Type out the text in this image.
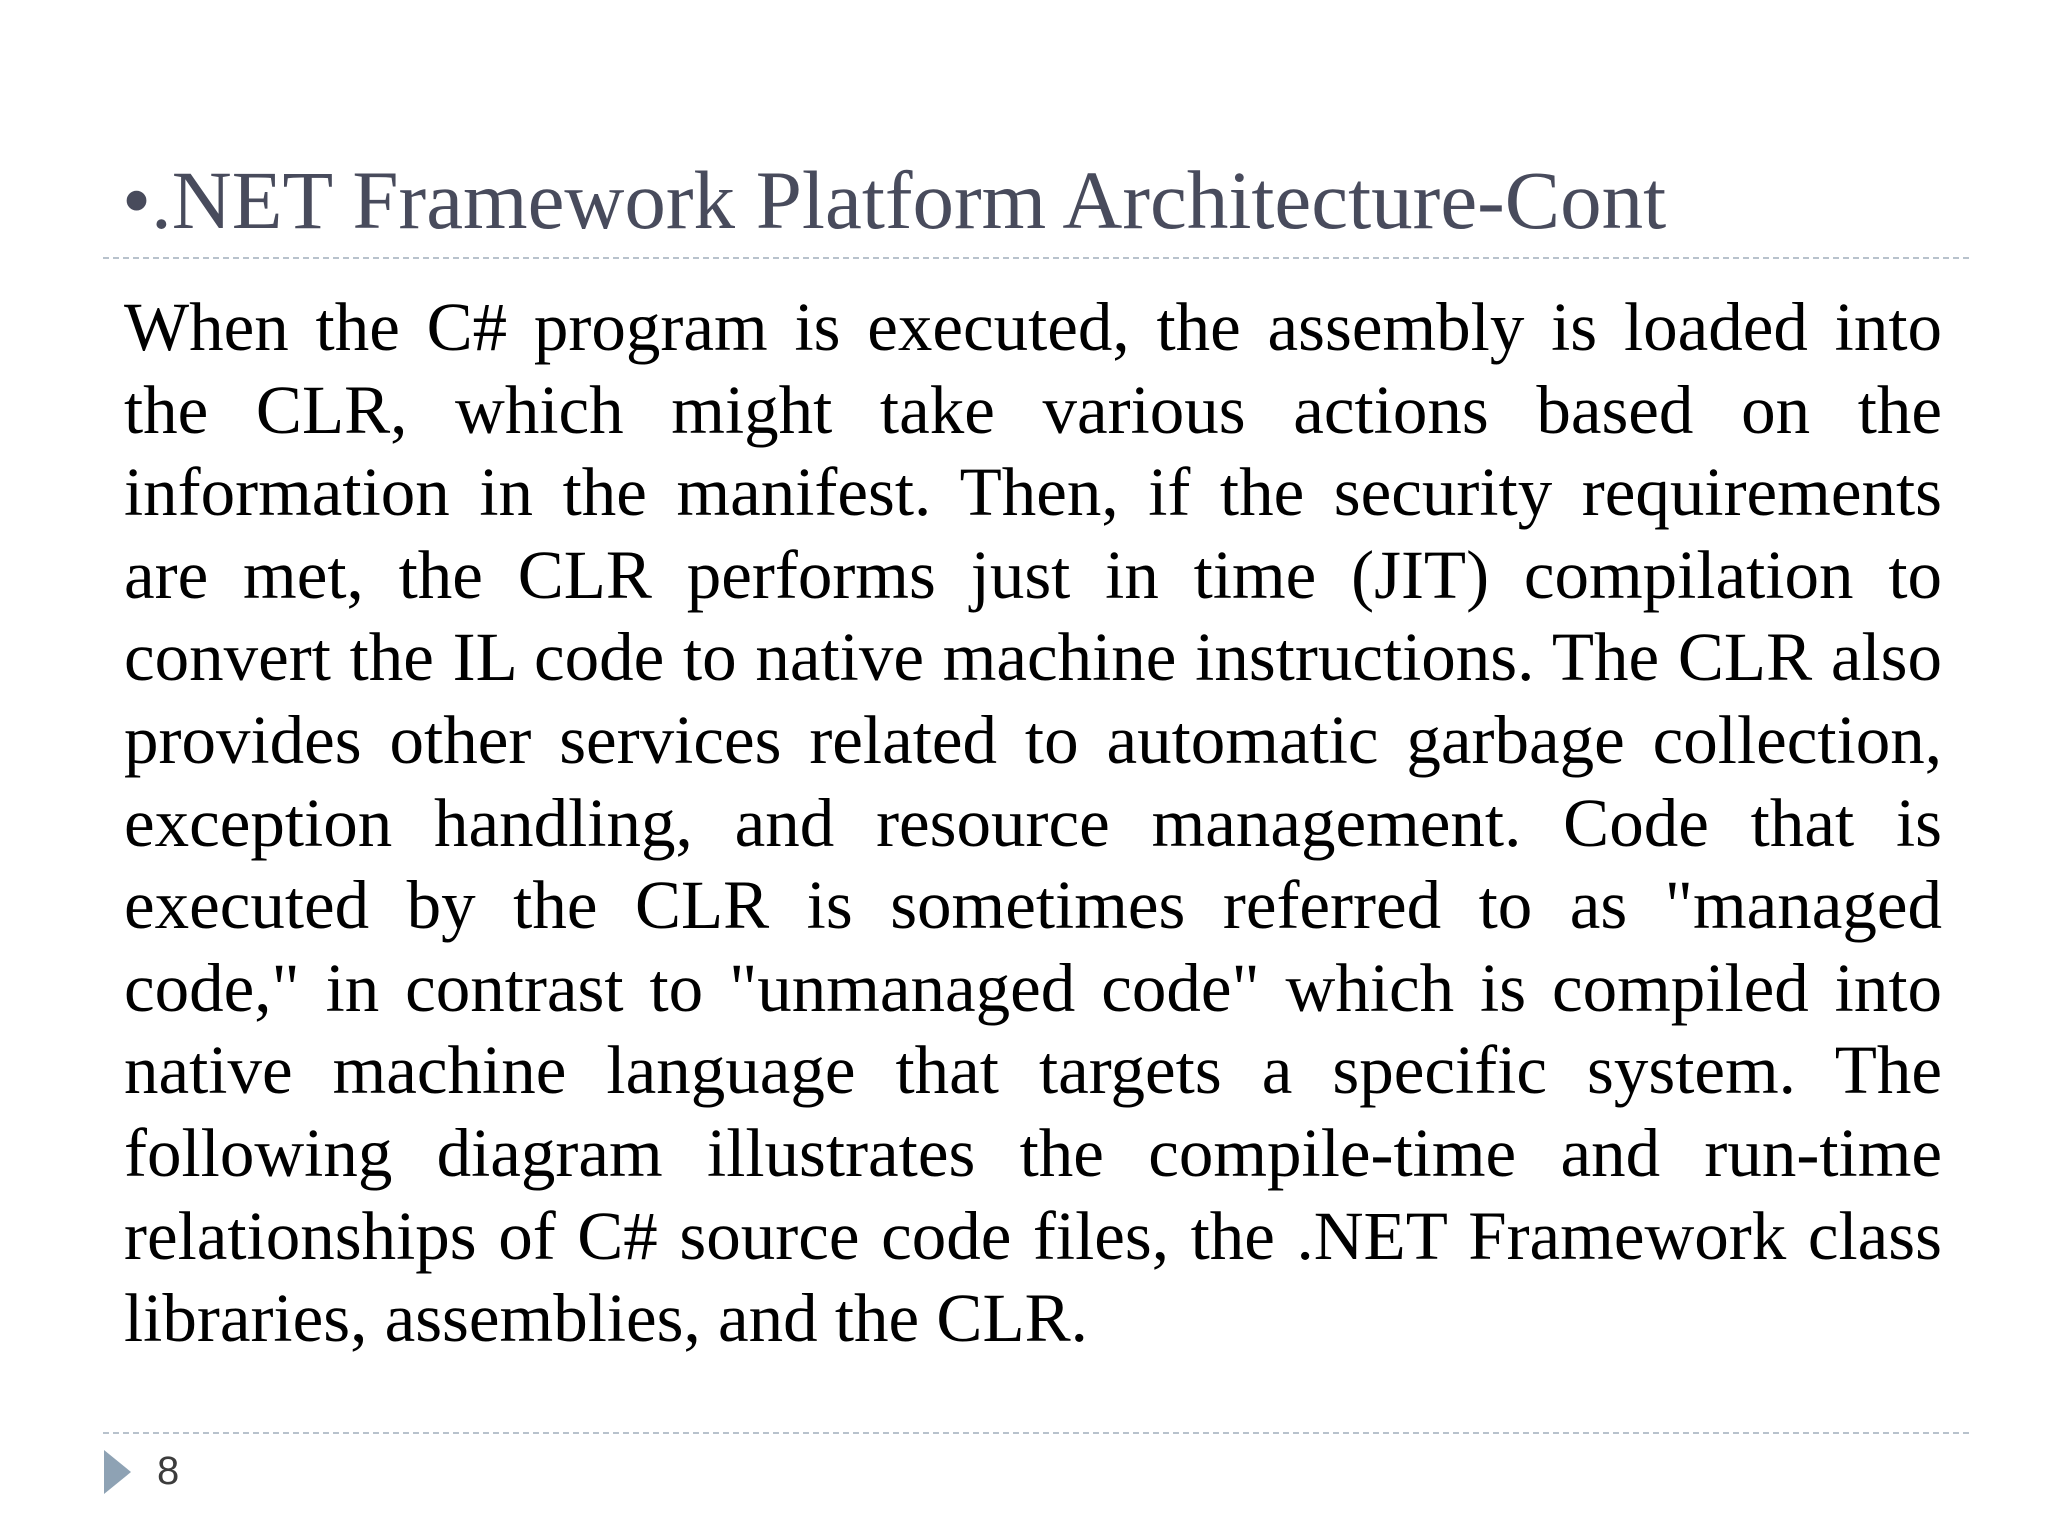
•.NET Framework Platform Architecture-Cont

When the C# program is executed, the assembly is loaded into the CLR, which might take various actions based on the information in the manifest. Then, if the security requirements are met, the CLR performs just in time (JIT) compilation to convert the IL code to native machine instructions. The CLR also provides other services related to automatic garbage collection, exception handling, and resource management. Code that is executed by the CLR is sometimes referred to as "managed code," in contrast to "unmanaged code" which is compiled into native machine language that targets a specific system. The following diagram illustrates the compile-time and run-time relationships of C# source code files, the .NET Framework class libraries, assemblies, and the CLR.

8
